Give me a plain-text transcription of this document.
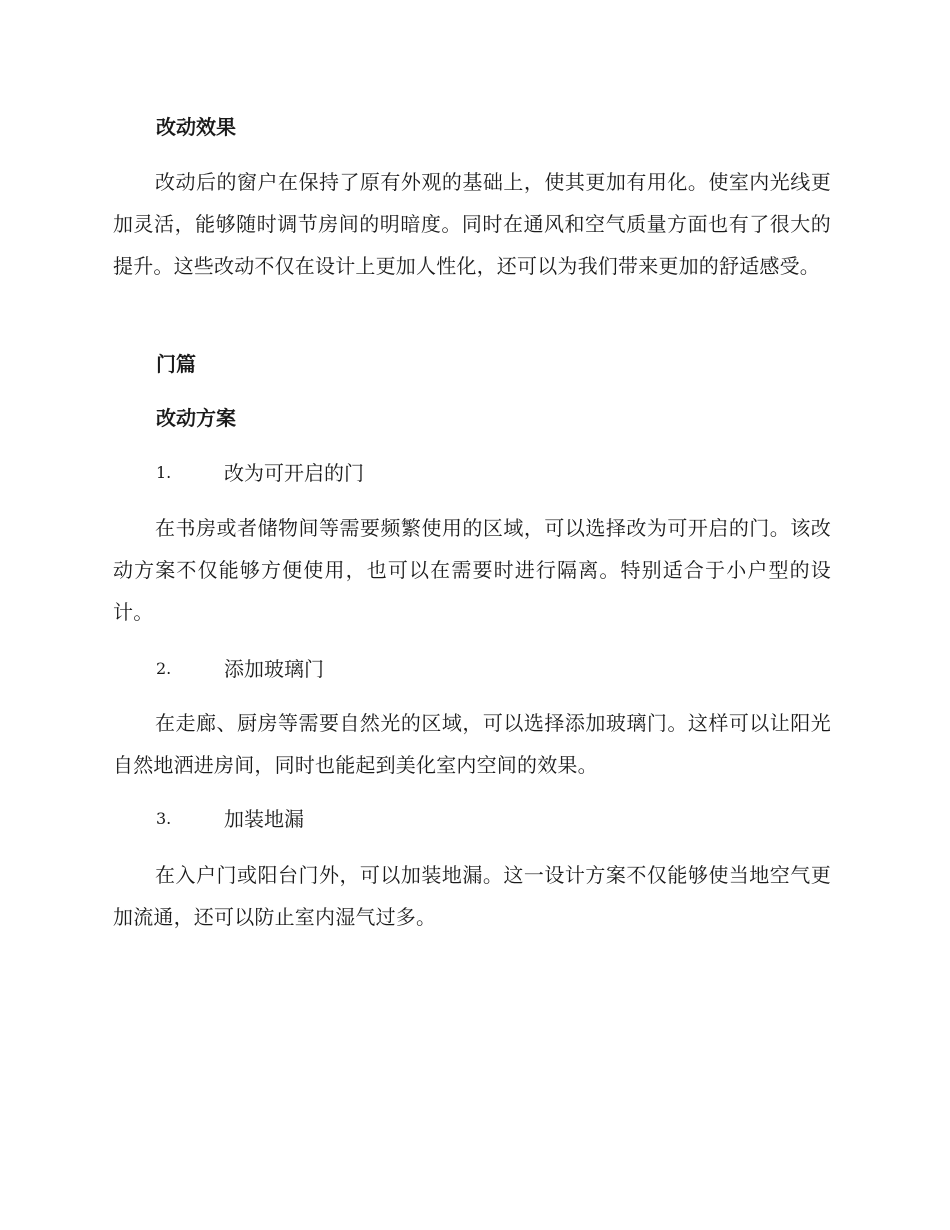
改动效果
改动后的窗户在保持了原有外观的基础上，使其更加有用化。使室内光线更加灵活，能够随时调节房间的明暗度。同时在通风和空气质量方面也有了很大的提升。这些改动不仅在设计上更加人性化，还可以为我们带来更加的舒适感受。
门篇
改动方案
1.	改为可开启的门
在书房或者储物间等需要频繁使用的区域，可以选择改为可开启的门。该改动方案不仅能够方便使用，也可以在需要时进行隔离。特别适合于小户型的设计。
2.	添加玻璃门
在走廊、厨房等需要自然光的区域，可以选择添加玻璃门。这样可以让阳光自然地洒进房间，同时也能起到美化室内空间的效果。
3.	加装地漏
在入户门或阳台门外，可以加装地漏。这一设计方案不仅能够使当地空气更加流通，还可以防止室内湿气过多。
